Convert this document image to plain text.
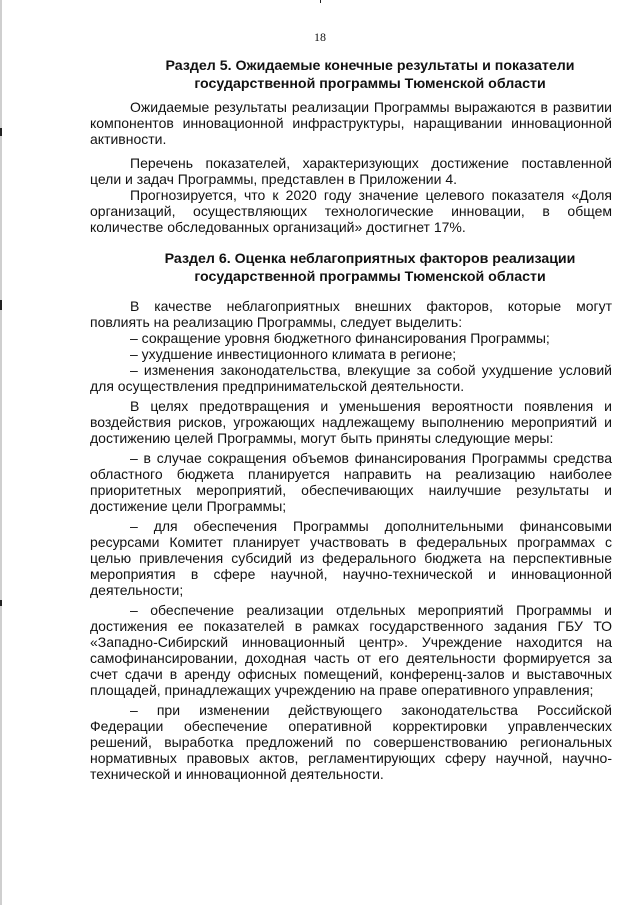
18
Раздел 5. Ожидаемые конечные результаты и показатели
государственной программы Тюменской области
Ожидаемые результаты реализации Программы выражаются в развитии
компонентов инновационной инфраструктуры, наращивании инновационной
активности.
Перечень показателей, характеризующих достижение поставленной
цели и задач Программы, представлен в Приложении 4.
Прогнозируется, что к 2020 году значение целевого показателя «Доля
организаций, осуществляющих технологические инновации, в общем
количестве обследованных организаций» достигнет 17%.
Раздел 6. Оценка неблагоприятных факторов реализации
государственной программы Тюменской области
В качестве неблагоприятных внешних факторов, которые могут
повлиять на реализацию Программы, следует выделить:
– сокращение уровня бюджетного финансирования Программы;
– ухудшение инвестиционного климата в регионе;
– изменения законодательства, влекущие за собой ухудшение условий
для осуществления предпринимательской деятельности.
В целях предотвращения и уменьшения вероятности появления и
воздействия рисков, угрожающих надлежащему выполнению мероприятий и
достижению целей Программы, могут быть приняты следующие меры:
– в случае сокращения объемов финансирования Программы средства
областного бюджета планируется направить на реализацию наиболее
приоритетных мероприятий, обеспечивающих наилучшие результаты и
достижение цели Программы;
– для обеспечения Программы дополнительными финансовыми
ресурсами Комитет планирует участвовать в федеральных программах с
целью привлечения субсидий из федерального бюджета на перспективные
мероприятия в сфере научной, научно-технической и инновационной
деятельности;
– обеспечение реализации отдельных мероприятий Программы и
достижения ее показателей в рамках государственного задания ГБУ ТО
«Западно-Сибирский инновационный центр». Учреждение находится на
самофинансировании, доходная часть от его деятельности формируется за
счет сдачи в аренду офисных помещений, конференц-залов и выставочных
площадей, принадлежащих учреждению на праве оперативного управления;
– при изменении действующего законодательства Российской
Федерации обеспечение оперативной корректировки управленческих
решений, выработка предложений по совершенствованию региональных
нормативных правовых актов, регламентирующих сферу научной, научно-
технической и инновационной деятельности.
